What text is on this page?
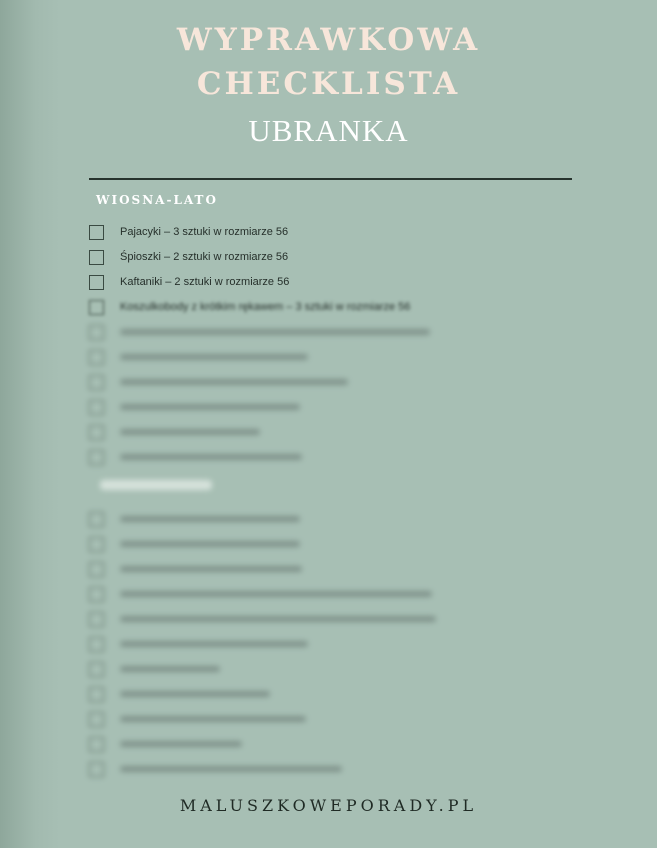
WYPRAWKOWA
CHECKLISTA
UBRANKA
WIOSNA-LATO
Pajacyki – 3 sztuki w rozmiarze 56
Śpioszki – 2 sztuki w rozmiarze 56
Kaftaniki – 2 sztuki w rozmiarze 56
Koszulkobody z krótkim rękawem – 3 sztuki w rozmiarze 56
MALUSZKOWEPORADY.PL
